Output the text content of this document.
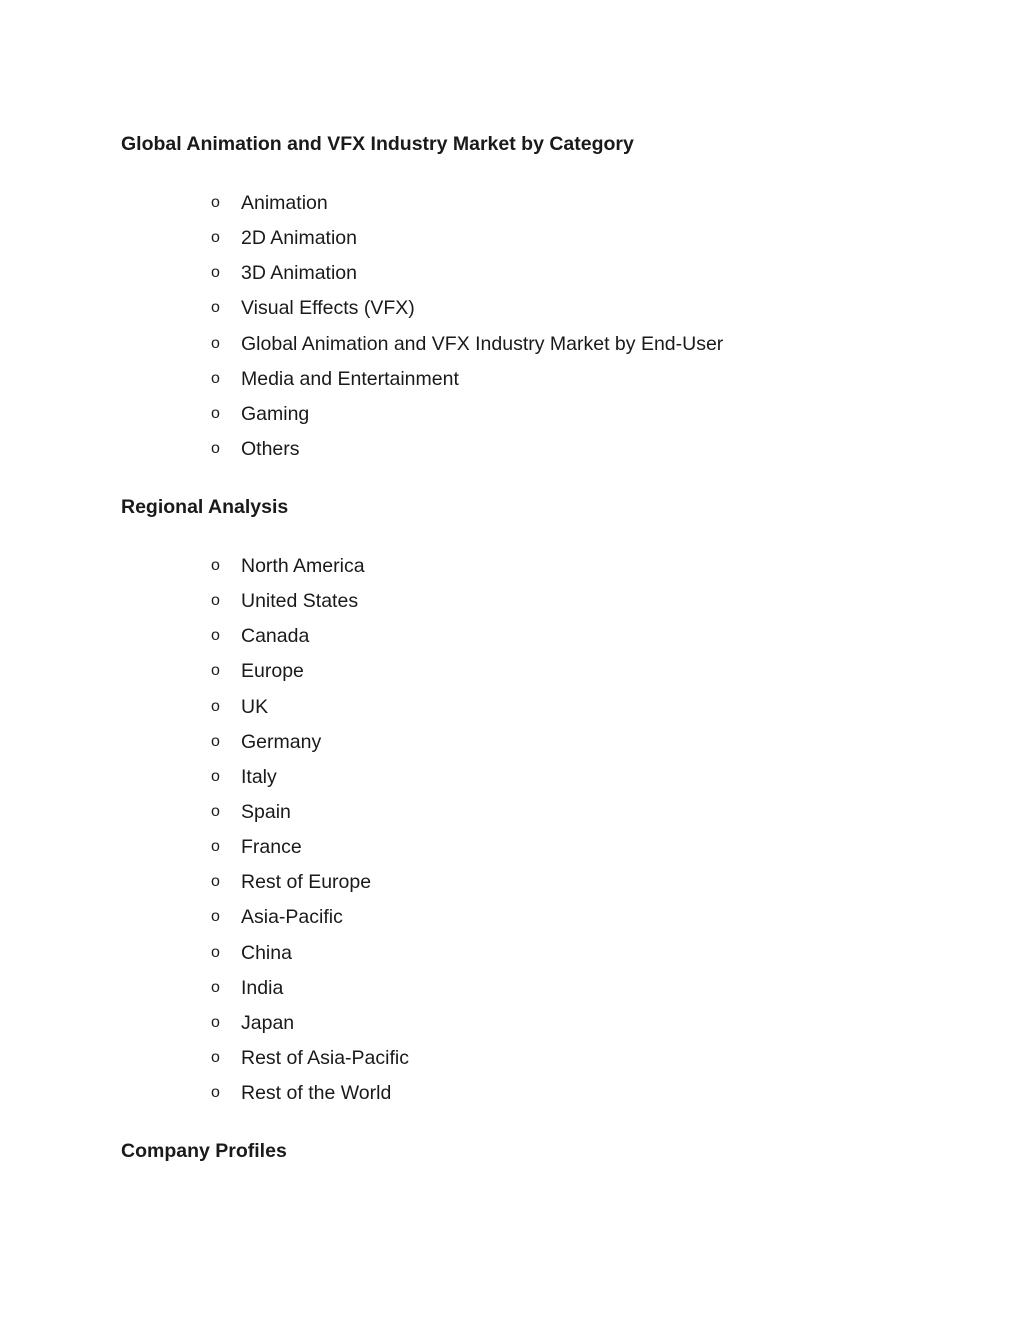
Global Animation and VFX Industry Market by Category
o Animation
o 2D Animation
o 3D Animation
o Visual Effects (VFX)
o Global Animation and VFX Industry Market by End-User
o Media and Entertainment
o Gaming
o Others
Regional Analysis
o North America
o United States
o Canada
o Europe
o UK
o Germany
o Italy
o Spain
o France
o Rest of Europe
o Asia-Pacific
o China
o India
o Japan
o Rest of Asia-Pacific
o Rest of the World
Company Profiles
